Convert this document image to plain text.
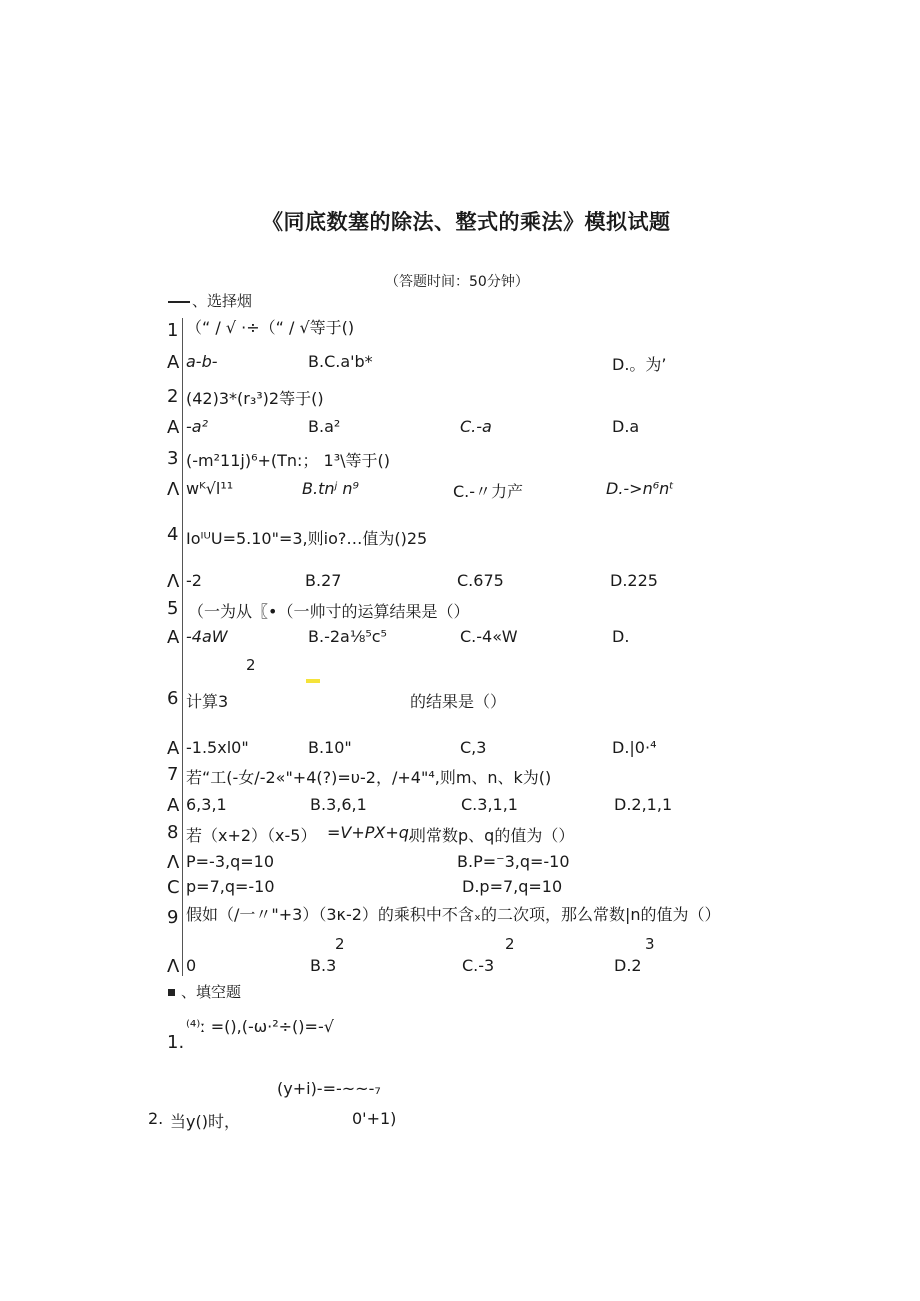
《同底数塞的除法、整式的乘法》模拟试题
（答题时间：50分钟）
、选择烟
1 （“ / √ ·÷（“ / √等于()
A a-b-	B.C.a'b*	D.。为’
2 (42)3*(r₃³)2等于()
A -a²	B.a²	C.-a	D.a
3 (-m²11j)⁶+(Tn:； 1³\等于()
Λ wᴷ√l¹¹	B.tnʲ n⁹	C.-〃力产	D.->n⁶nᵗ
4 IoᴵᵁU=5.10"=3,则io?…值为()25
Λ -2	B.27	C.675	D.225
5 （一为从〖•（一帅寸的运算结果是（）
A -4aW	B.-2a⅛⁵c⁵	C.-4«W	D.
2
6 计算3	的结果是（）
A -1.5xl0"	B.10"	C,3	D.|0·⁴
7 若“工(-女/-2«"+4(?)=υ-2，/+4"⁴,则m、n、k为()
A 6,3,1	B.3,6,1	C.3,1,1	D.2,1,1
8 若（x+2）（x-5） =V+PX+q,
则常数p、q的值为（）
Λ P=-3,q=10	B.P=⁻3,q=-10
C p=7,q=-10	D.p=7,q=10
9 假如（/一〃"+3）（3κ-2）的乘积中不含ₓ的二次项，那么常数|n的值为（）
2	2	3
Λ 0	B.3	C.-3	D.2
、填空题
⁽⁴⁾ː =(),(-ω·²÷()=-√
1.
(y+i)-=-~~-₇
2. 当y()时，	0'+1)
